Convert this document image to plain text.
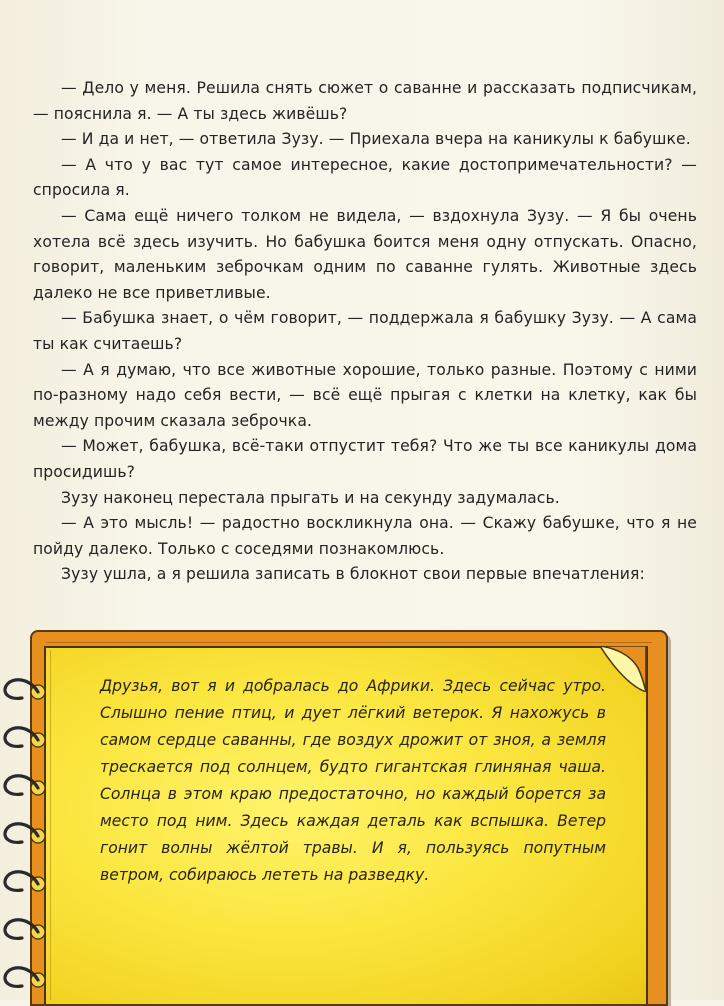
— Дело у меня. Решила снять сюжет о саванне и рассказать подписчикам, — пояснила я. — А ты здесь живёшь?

— И да и нет, — ответила Зузу. — Приехала вчера на каникулы к бабушке.

— А что у вас тут самое интересное, какие достопримечательности? — спросила я.

— Сама ещё ничего толком не видела, — вздохнула Зузу. — Я бы очень хотела всё здесь изучить. Но бабушка боится меня одну отпускать. Опасно, говорит, маленьким зеброчкам одним по саванне гулять. Животные здесь далеко не все приветливые.

— Бабушка знает, о чём говорит, — поддержала я бабушку Зузу. — А сама ты как считаешь?

— А я думаю, что все животные хорошие, только разные. Поэтому с ними по-разному надо себя вести, — всё ещё прыгая с клетки на клетку, как бы между прочим сказала зеброчка.

— Может, бабушка, всё-таки отпустит тебя? Что же ты все каникулы дома просидишь?

Зузу наконец перестала прыгать и на секунду задумалась.

— А это мысль! — радостно воскликнула она. — Скажу бабушке, что я не пойду далеко. Только с соседями познакомлюсь.

Зузу ушла, а я решила записать в блокнот свои первые впечатления:

Друзья, вот я и добралась до Африки. Здесь сейчас утро. Слышно пение птиц, и дует лёгкий ветерок. Я нахожусь в самом сердце саванны, где воздух дрожит от зноя, а земля трескается под солнцем, будто гигантская глиняная чаша. Солнца в этом краю предостаточно, но каждый борется за место под ним. Здесь каждая деталь как вспышка. Ветер гонит волны жёлтой травы. И я, пользуясь попутным ветром, собираюсь лететь на разведку.
